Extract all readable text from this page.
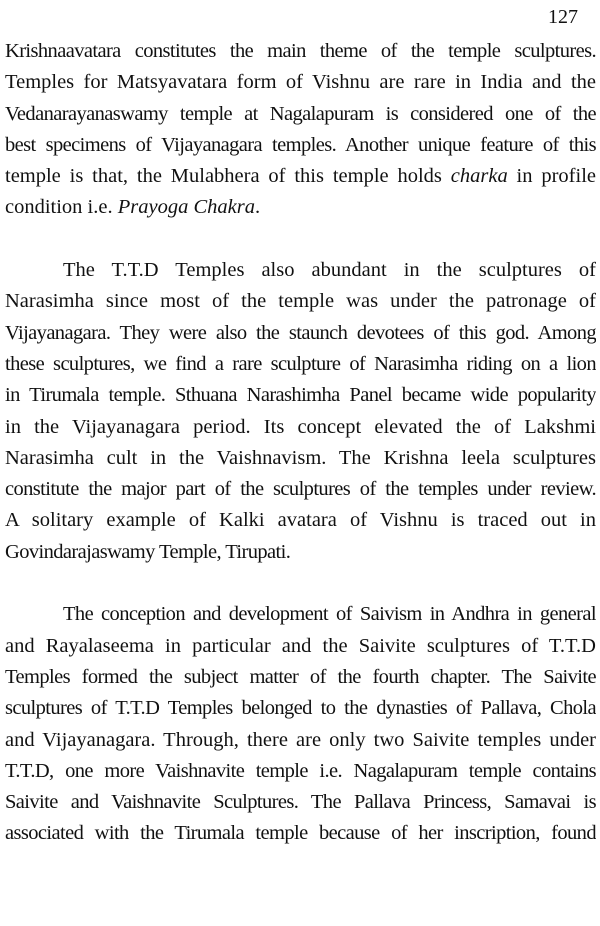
127
Krishnaavatara constitutes the main theme of the temple sculptures.
Temples for Matsyavatara form of Vishnu are rare in India and the
Vedanarayanaswamy temple at Nagalapuram is considered one of the
best specimens of Vijayanagara temples. Another unique feature of this
temple is that, the Mulabhera of this temple holds charka in profile
condition i.e. Prayoga Chakra.
The T.T.D Temples also abundant in the sculptures of
Narasimha since most of the temple was under the patronage of
Vijayanagara. They were also the staunch devotees of this god. Among
these sculptures, we find a rare sculpture of Narasimha riding on a lion
in Tirumala temple. Sthuana Narashimha Panel became wide popularity
in the Vijayanagara period. Its concept elevated the of Lakshmi
Narasimha cult in the Vaishnavism. The Krishna leela sculptures
constitute the major part of the sculptures of the temples under review.
A solitary example of Kalki avatara of Vishnu is traced out in
Govindarajaswamy Temple, Tirupati.
The conception and development of Saivism in Andhra in general
and Rayalaseema in particular and the Saivite sculptures of T.T.D
Temples formed the subject matter of the fourth chapter. The Saivite
sculptures of T.T.D Temples belonged to the dynasties of Pallava, Chola
and Vijayanagara. Through, there are only two Saivite temples under
T.T.D, one more Vaishnavite temple i.e. Nagalapuram temple contains
Saivite and Vaishnavite Sculptures. The Pallava Princess, Samavai is
associated with the Tirumala temple because of her inscription, found
